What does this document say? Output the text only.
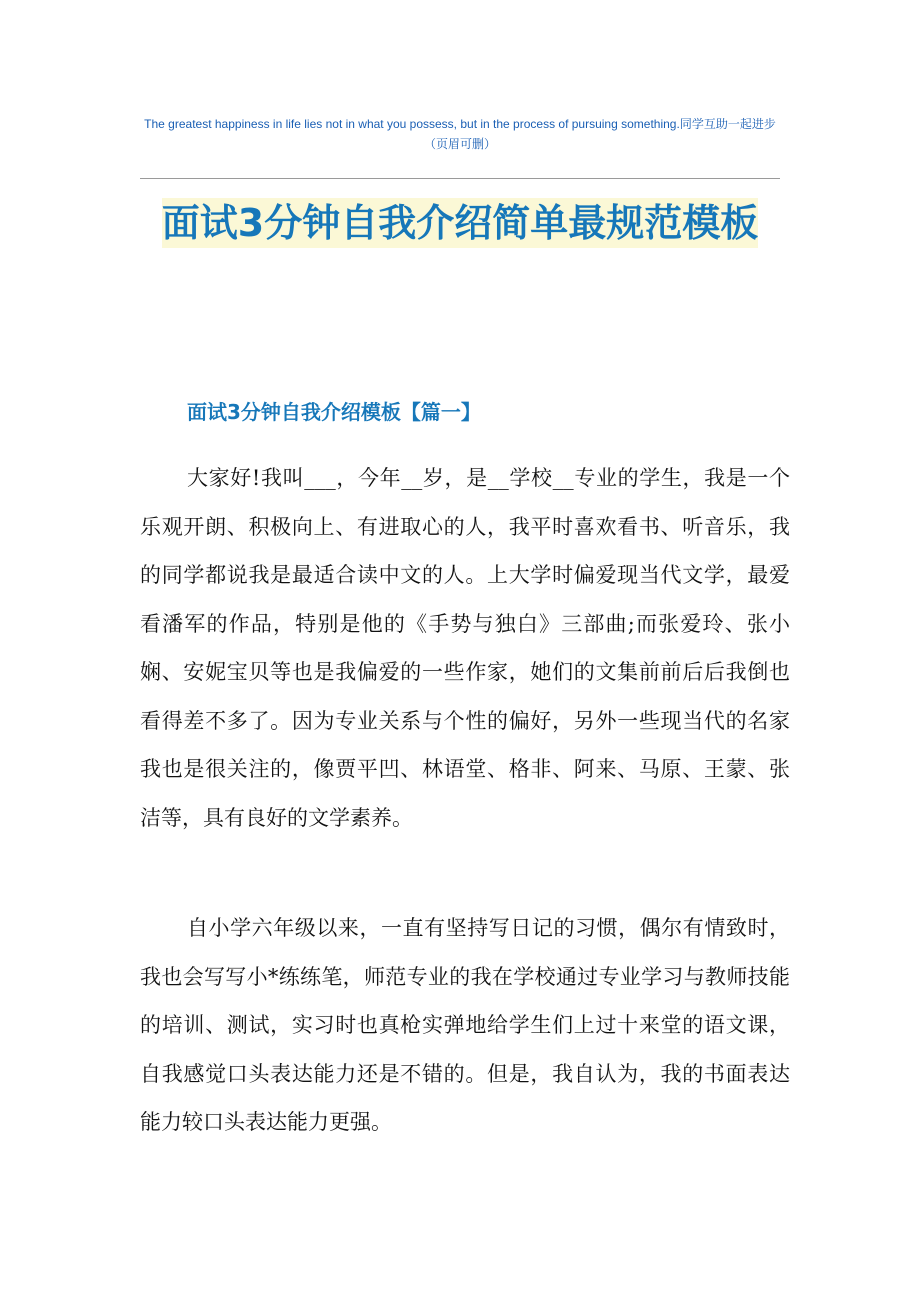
The greatest happiness in life lies not in what you possess, but in the process of pursuing something.同学互助一起进步（页眉可删）
面试3分钟自我介绍简单最规范模板
面试3分钟自我介绍模板【篇一】

大家好!我叫___，今年__岁，是__学校__专业的学生，我是一个乐观开朗、积极向上、有进取心的人，我平时喜欢看书、听音乐，我的同学都说我是最适合读中文的人。上大学时偏爱现当代文学，最爱看潘军的作品，特别是他的《手势与独白》三部曲;而张爱玲、张小娴、安妮宝贝等也是我偏爱的一些作家，她们的文集前前后后我倒也看得差不多了。因为专业关系与个性的偏好，另外一些现当代的名家我也是很关注的，像贾平凹、林语堂、格非、阿来、马原、王蒙、张洁等，具有良好的文学素养。

自小学六年级以来，一直有坚持写日记的习惯，偶尔有情致时，我也会写写小*练练笔，师范专业的我在学校通过专业学习与教师技能的培训、测试，实习时也真枪实弹地给学生们上过十来堂的语文课，自我感觉口头表达能力还是不错的。但是，我自认为，我的书面表达能力较口头表达能力更强。
